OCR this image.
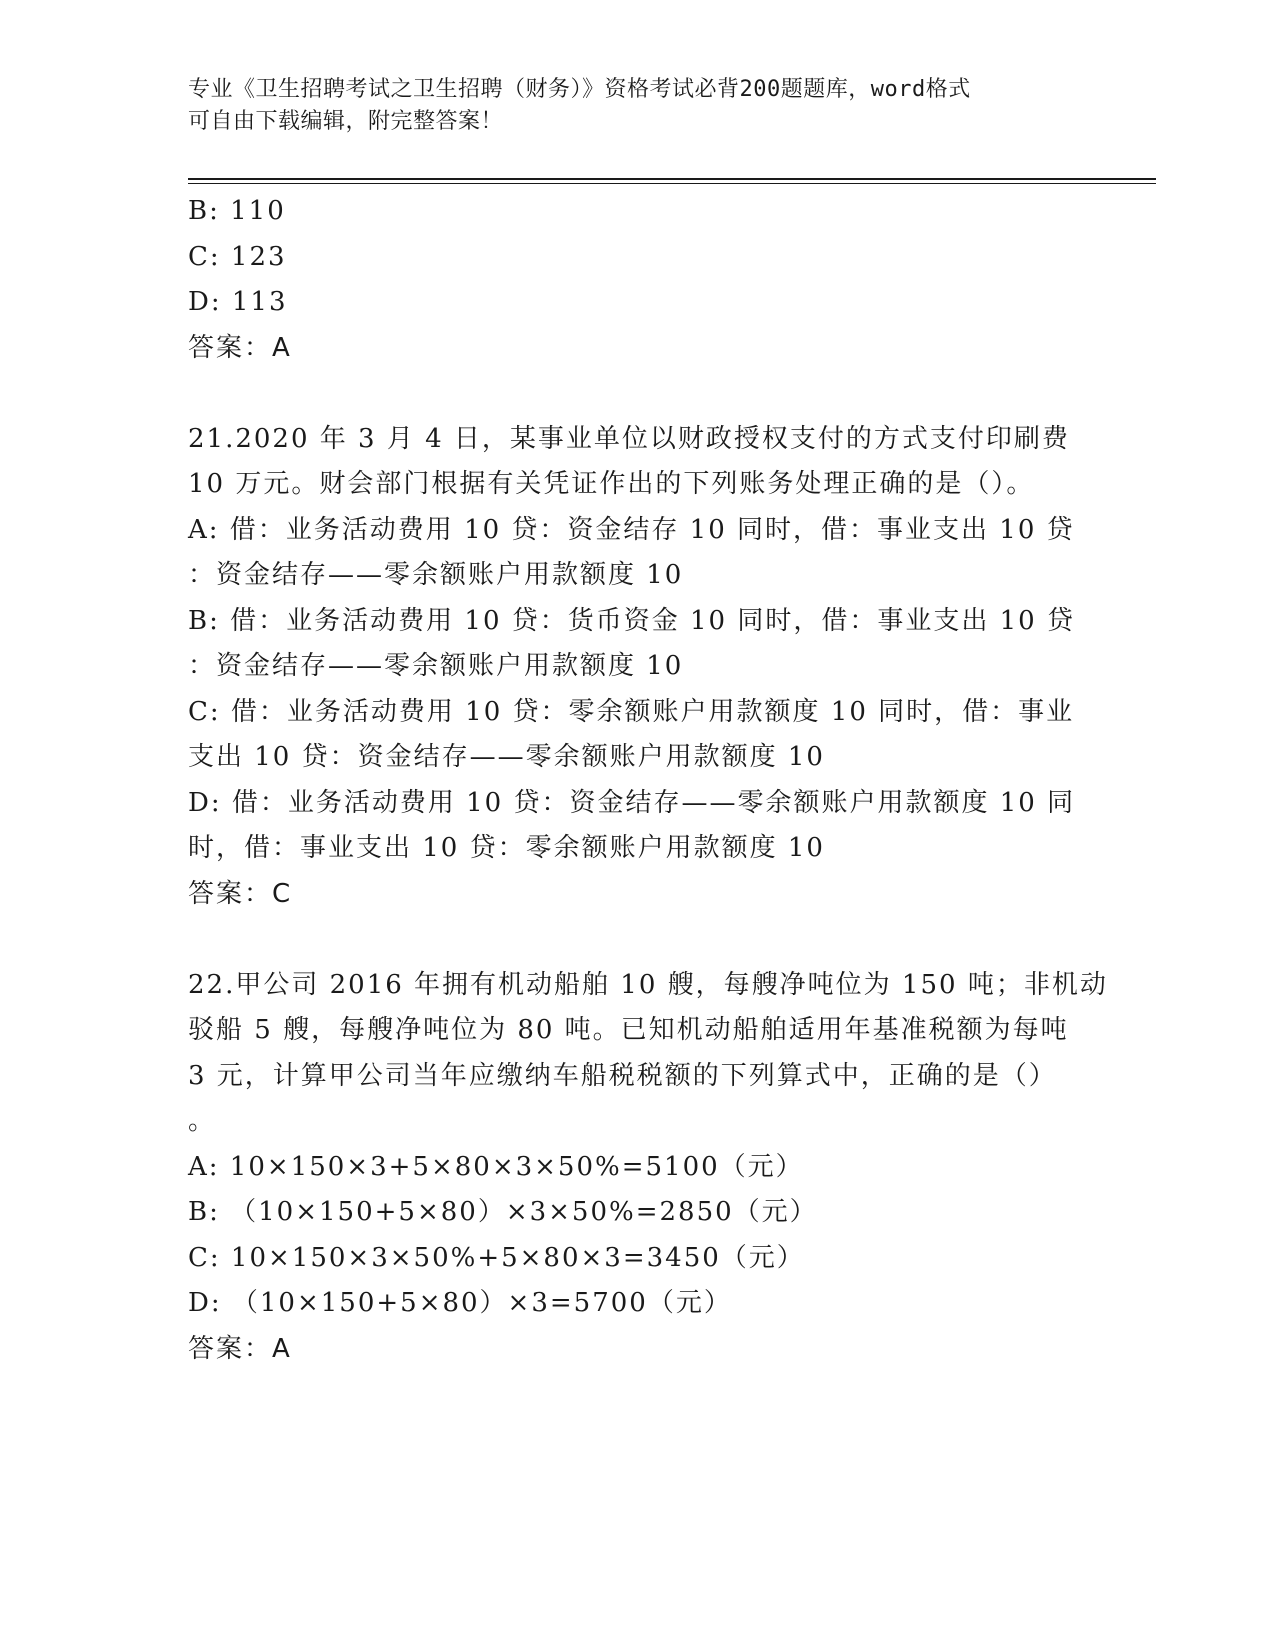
专业《卫生招聘考试之卫生招聘（财务）》资格考试必背200题题库，word格式
可自由下载编辑，附完整答案！
B: 110
C: 123
D: 113
答案：A
21.2020 年 3 月 4 日，某事业单位以财政授权支付的方式支付印刷费
10 万元。财会部门根据有关凭证作出的下列账务处理正确的是（）。
A: 借：业务活动费用 10 贷：资金结存 10 同时，借：事业支出 10 贷
：资金结存——零余额账户用款额度 10
B: 借：业务活动费用 10 贷：货币资金 10 同时，借：事业支出 10 贷
：资金结存——零余额账户用款额度 10
C: 借：业务活动费用 10 贷：零余额账户用款额度 10 同时，借：事业
支出 10 贷：资金结存——零余额账户用款额度 10
D: 借：业务活动费用 10 贷：资金结存——零余额账户用款额度 10 同
时，借：事业支出 10 贷：零余额账户用款额度 10
答案：C
22.甲公司 2016 年拥有机动船舶 10 艘，每艘净吨位为 150 吨；非机动
驳船 5 艘，每艘净吨位为 80 吨。已知机动船舶适用年基准税额为每吨
3 元，计算甲公司当年应缴纳车船税税额的下列算式中，正确的是（）
。
A: 10×150×3+5×80×3×50%=5100（元）
B: （10×150+5×80）×3×50%=2850（元）
C: 10×150×3×50%+5×80×3=3450（元）
D: （10×150+5×80）×3=5700（元）
答案：A
